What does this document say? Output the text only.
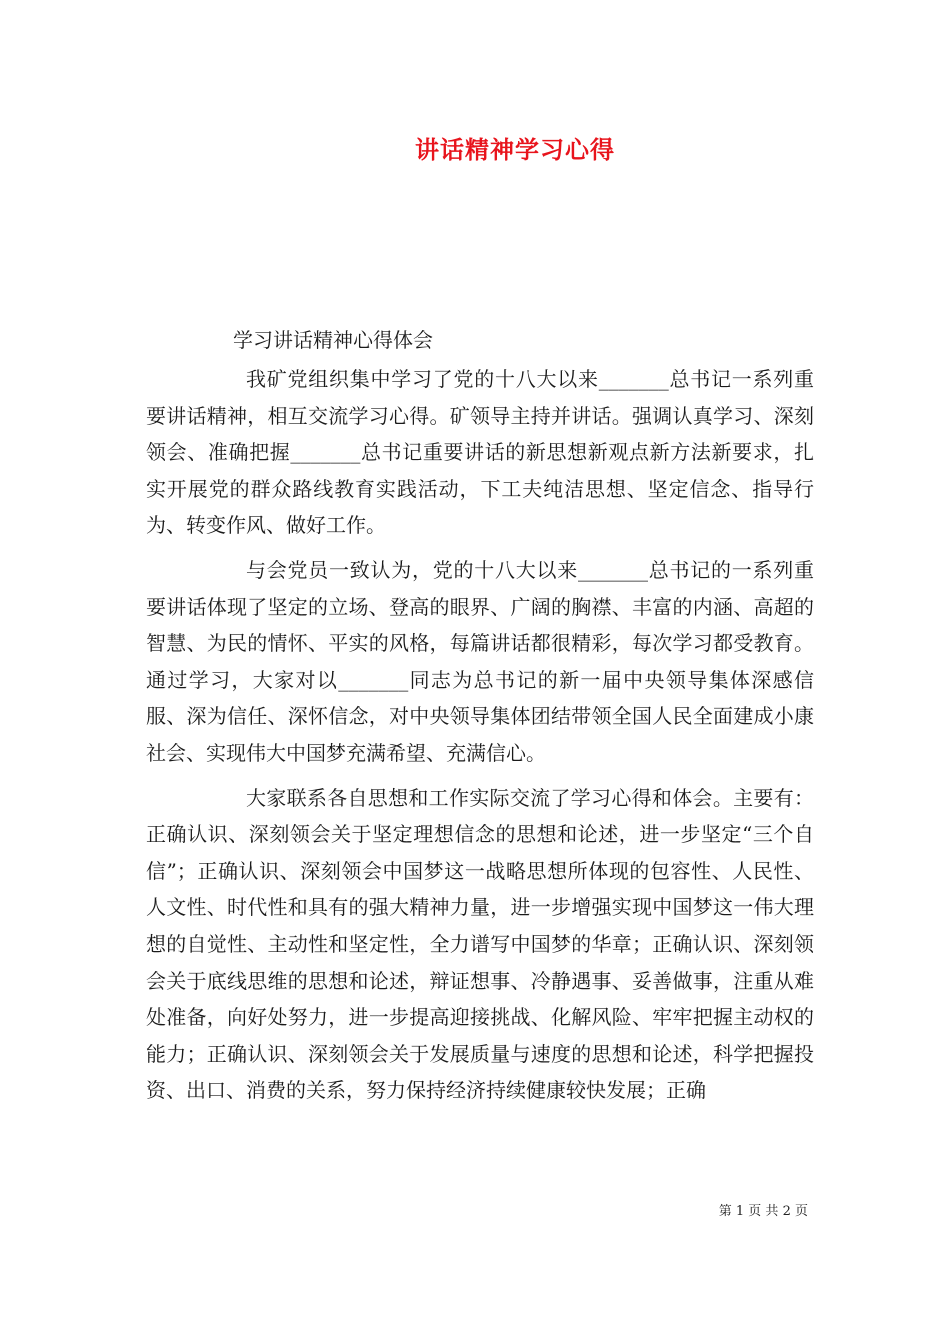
讲话精神学习心得
学习讲话精神心得体会

我矿党组织集中学习了党的十八大以来_______总书记一系列重要讲话精神，相互交流学习心得。矿领导主持并讲话。强调认真学习、深刻领会、准确把握_______总书记重要讲话的新思想新观点新方法新要求，扎实开展党的群众路线教育实践活动，下工夫纯洁思想、坚定信念、指导行为、转变作风、做好工作。

与会党员一致认为，党的十八大以来_______总书记的一系列重要讲话体现了坚定的立场、登高的眼界、广阔的胸襟、丰富的内涵、高超的智慧、为民的情怀、平实的风格，每篇讲话都很精彩，每次学习都受教育。通过学习，大家对以_______同志为总书记的新一届中央领导集体深感信服、深为信任、深怀信念，对中央领导集体团结带领全国人民全面建成小康社会、实现伟大中国梦充满希望、充满信心。

大家联系各自思想和工作实际交流了学习心得和体会。主要有：正确认识、深刻领会关于坚定理想信念的思想和论述，进一步坚定“三个自信”；正确认识、深刻领会中国梦这一战略思想所体现的包容性、人民性、人文性、时代性和具有的强大精神力量，进一步增强实现中国梦这一伟大理想的自觉性、主动性和坚定性，全力谱写中国梦的华章；正确认识、深刻领会关于底线思维的思想和论述，辩证想事、冷静遇事、妥善做事，注重从难处准备，向好处努力，进一步提高迎接挑战、化解风险、牢牢把握主动权的能力；正确认识、深刻领会关于发展质量与速度的思想和论述，科学把握投资、出口、消费的关系，努力保持经济持续健康较快发展；正确

第 1 页 共 2 页
